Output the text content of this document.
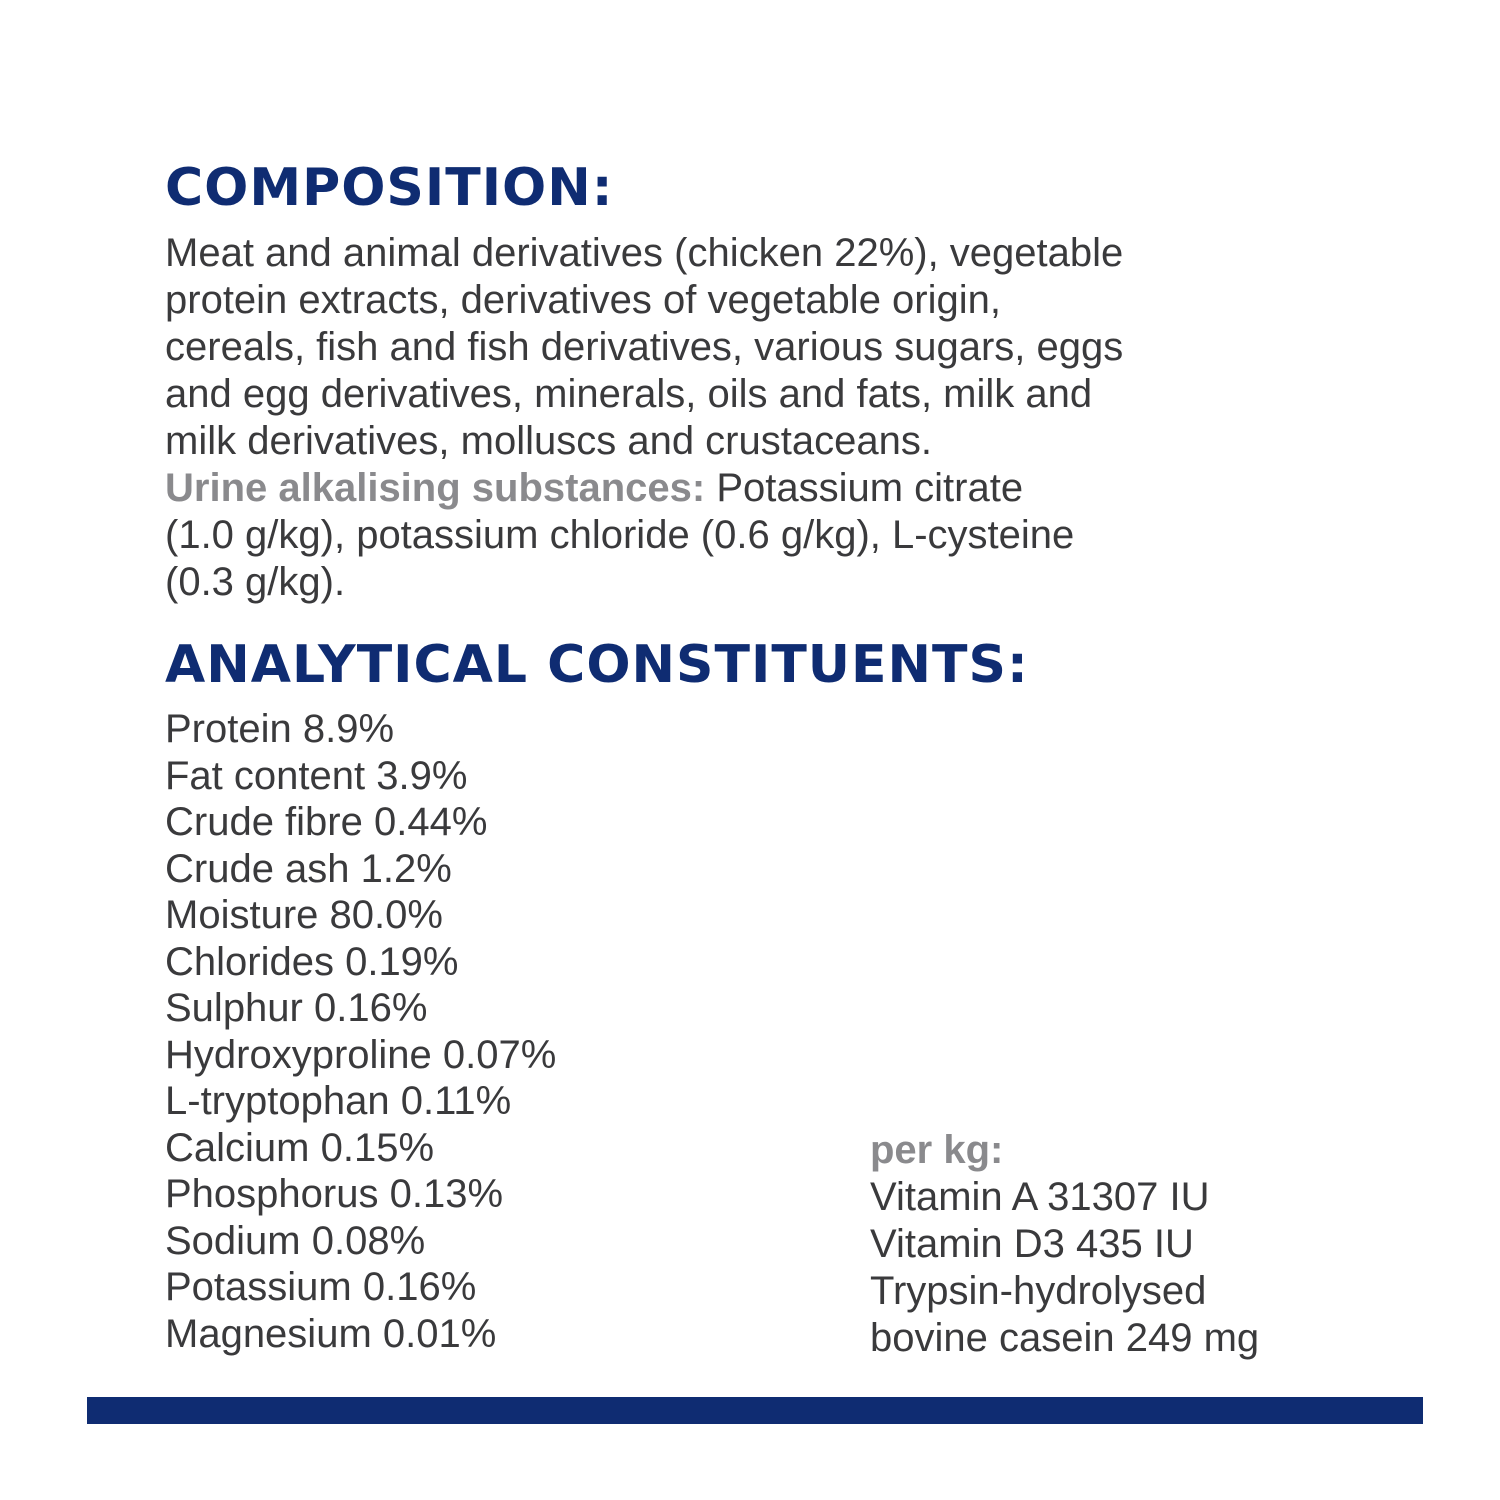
COMPOSITION:
Meat and animal derivatives (chicken 22%), vegetable
protein extracts, derivatives of vegetable origin,
cereals, fish and fish derivatives, various sugars, eggs
and egg derivatives, minerals, oils and fats, milk and
milk derivatives, molluscs and crustaceans.
Urine alkalising substances: Potassium citrate
(1.0 g/kg), potassium chloride (0.6 g/kg), L-cysteine
(0.3 g/kg).
ANALYTICAL CONSTITUENTS:
Protein 8.9%
Fat content 3.9%
Crude fibre 0.44%
Crude ash 1.2%
Moisture 80.0%
Chlorides 0.19%
Sulphur 0.16%
Hydroxyproline 0.07%
L-tryptophan 0.11%
Calcium 0.15%
Phosphorus 0.13%
Sodium 0.08%
Potassium 0.16%
Magnesium 0.01%
per kg:
Vitamin A 31307 IU
Vitamin D3 435 IU
Trypsin-hydrolysed
bovine casein 249 mg
